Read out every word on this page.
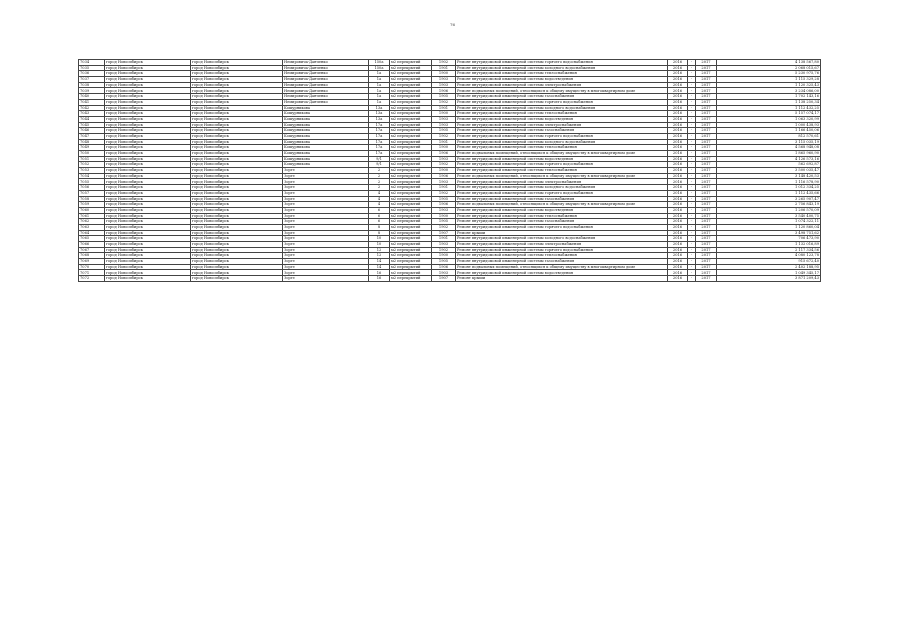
76
7034	город Новосибирск	город Новосибирск	Немировича-Данченко	150а	м2 перекрытий	1902	Ремонт внутридомовой инженерной системы горячего водоснабжения	2016	-	2017	4 138 567,80
7035	город Новосибирск	город Новосибирск	Немировича-Данченко	150а	м2 перекрытий	1901	Ремонт внутридомовой инженерной системы холодного водоснабжения	2016	-	2017	2 068 015,67
7036	город Новосибирск	город Новосибирск	Немировича-Данченко	1а	м2 перекрытий	1900	Ремонт внутридомовой инженерной системы теплоснабжения	2016	-	2017	5 230 975,76
7037	город Новосибирск	город Новосибирск	Немировича-Данченко	1а	м2 перекрытий	1903	Ремонт внутридомовой инженерной системы водоотведения	2016	-	2017	1 115 329,28
7038	город Новосибирск	город Новосибирск	Немировича-Данченко	1а	м2 перекрытий	1903	Ремонт внутридомовой инженерной системы электроснабжения	2016	-	2017	1 120 325,43
7039	город Новосибирск	город Новосибирск	Немировича-Данченко	1а	м2 перекрытий	1906	Ремонт подвальных помещений, относящихся к общему имуществу в многоквартирном доме	2016	-	2017	3 234 086,00
7040	город Новосибирск	город Новосибирск	Немировича-Данченко	1а	м2 перекрытий	1905	Ремонт внутридомовой инженерной системы газоснабжения	2016	-	2017	1 702 143,16
7041	город Новосибирск	город Новосибирск	Немировича-Данченко	1а	м2 перекрытий	1902	Ремонт внутридомовой инженерной системы горячего водоснабжения	2016	-	2017	1 138 250,34
7042	город Новосибирск	город Новосибирск	Кошурникова	13а	м2 перекрытий	1901	Ремонт внутридомовой инженерной системы холодного водоснабжения	2016	-	2017	1 112 432,25
7043	город Новосибирск	город Новосибирск	Кошурникова	13а	м2 перекрытий	1900	Ремонт внутридомовой инженерной системы теплоснабжения	2016	-	2017	5 157 074,17
7044	город Новосибирск	город Новосибирск	Кошурникова	13а	м2 перекрытий	1903	Ремонт внутридомовой инженерной системы водоотведения	2016	-	2017	1 063 320,99
7045	город Новосибирск	город Новосибирск	Кошурникова	17а	м2 перекрытий	1903	Ремонт внутридомовой инженерной системы электроснабжения	2016	-	2017	1 000 438,93
7046	город Новосибирск	город Новосибирск	Кошурникова	17а	м2 перекрытий	1905	Ремонт внутридомовой инженерной системы газоснабжения	2016	-	2017	1 166 450,06
7047	город Новосибирск	город Новосибирск	Кошурникова	17а	м2 перекрытий	1902	Ремонт внутридомовой инженерной системы горячего водоснабжения	2016	-	2017	812 570,61
7048	город Новосибирск	город Новосибирск	Кошурникова	17а	м2 перекрытий	1901	Ремонт внутридомовой инженерной системы холодного водоснабжения	2016	-	2017	3 115 035,19
7049	город Новосибирск	город Новосибирск	Кошурникова	17а	м2 перекрытий	1900	Ремонт внутридомовой инженерной системы теплоснабжения	2016	-	2017	4 568 948,08
7050	город Новосибирск	город Новосибирск	Кошурникова	17а	м2 перекрытий	1906	Ремонт подвальных помещений, относящихся к общему имуществу в многоквартирном доме	2016	-	2017	1 865 960,90
7051	город Новосибирск	город Новосибирск	Кошурникова	9/1	м2 перекрытий	1903	Ремонт внутридомовой инженерной системы водоотведения	2016	-	2017	4 126 573,16
7052	город Новосибирск	город Новосибирск	Кошурникова	9/1	м2 перекрытий	1902	Ремонт внутридомовой инженерной системы горячего водоснабжения	2016	-	2017	562 692,87
7053	город Новосибирск	город Новосибирск	Зорге	2	м2 перекрытий	1900	Ремонт внутридомовой инженерной системы теплоснабжения	2016	-	2017	3 500 035,47
7054	город Новосибирск	город Новосибирск	Зорге	2	м2 перекрытий	1906	Ремонт подвальных помещений, относящихся к общему имуществу в многоквартирном доме	2016	-	2017	3 148 420,53
7055	город Новосибирск	город Новосибирск	Зорге	2	м2 перекрытий	1903	Ремонт внутридомовой инженерной системы электроснабжения	2016	-	2017	1 116 578,90
7056	город Новосибирск	город Новосибирск	Зорге	2	м2 перекрытий	1901	Ремонт внутридомовой инженерной системы холодного водоснабжения	2016	-	2017	1 012 334,25
7057	город Новосибирск	город Новосибирск	Зорге	4	м2 перекрытий	1902	Ремонт внутридомовой инженерной системы горячего водоснабжения	2016	-	2017	1 112 435,66
7058	город Новосибирск	город Новосибирск	Зорге	4	м2 перекрытий	1905	Ремонт внутридомовой инженерной системы газоснабжения	2016	-	2017	3 265 907,47
7059	город Новосибирск	город Новосибирск	Зорге	4	м2 перекрытий	1906	Ремонт подвальных помещений, относящихся к общему имуществу в многоквартирном доме	2016	-	2017	2 756 843,19
7060	город Новосибирск	город Новосибирск	Зорге	6	м2 перекрытий	1903	Ремонт внутридомовой инженерной системы водоотведения	2016	-	2017	1 206 570,09
7061	город Новосибирск	город Новосибирск	Зорге	6	м2 перекрытий	1900	Ремонт внутридомовой инженерной системы теплоснабжения	2016	-	2017	3 540 400,75
7062	город Новосибирск	город Новосибирск	Зорге	6	м2 перекрытий	1905	Ремонт внутридомовой инженерной системы газоснабжения	2016	-	2017	1 074 322,11
7063	город Новосибирск	город Новосибирск	Зорге	8	м2 перекрытий	1902	Ремонт внутридомовой инженерной системы горячего водоснабжения	2016	-	2017	1 120 860,04
7064	город Новосибирск	город Новосибирск	Зорге	8	м2 перекрытий	1907	Ремонт крыши	2016	-	2017	3 498 751,62
7065	город Новосибирск	город Новосибирск	Зорге	10	м2 перекрытий	1901	Ремонт внутридомовой инженерной системы холодного водоснабжения	2016	-	2017	706 473,90
7066	город Новосибирск	город Новосибирск	Зорге	10	м2 перекрытий	1903	Ремонт внутридомовой инженерной системы электроснабжения	2016	-	2017	1 132 016,89
7067	город Новосибирск	город Новосибирск	Зорге	12	м2 перекрытий	1902	Ремонт внутридомовой инженерной системы горячего водоснабжения	2016	-	2017	2 117 334,56
7068	город Новосибирск	город Новосибирск	Зорге	12	м2 перекрытий	1900	Ремонт внутридомовой инженерной системы теплоснабжения	2016	-	2017	4 080 123,78
7069	город Новосибирск	город Новосибирск	Зорге	14	м2 перекрытий	1905	Ремонт внутридомовой инженерной системы газоснабжения	2016	-	2017	915 672,40
7070	город Новосибирск	город Новосибирск	Зорге	14	м2 перекрытий	1906	Ремонт подвальных помещений, относящихся к общему имуществу в многоквартирном доме	2016	-	2017	2 402 188,95
7071	город Новосибирск	город Новосибирск	Зорге	16	м2 перекрытий	1903	Ремонт внутридомовой инженерной системы водоотведения	2016	-	2017	1 049 345,17
7072	город Новосибирск	город Новосибирск	Зорге	16	м2 перекрытий	1907	Ремонт крыши	2016	-	2017	3 871 209,43
